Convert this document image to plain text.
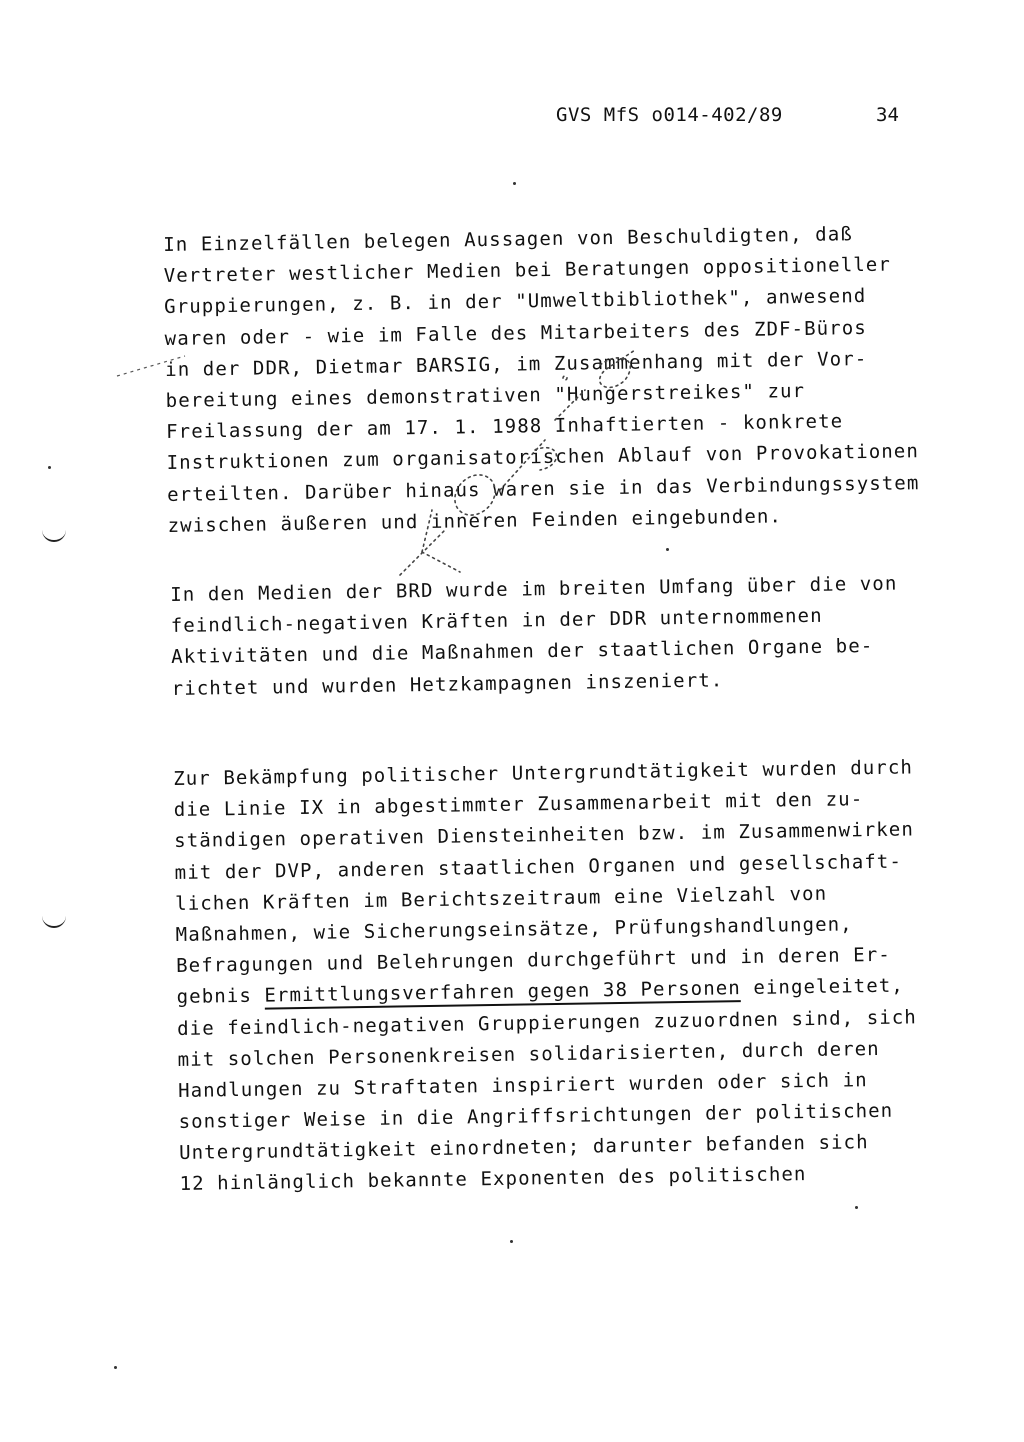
GVS MfS o014-402/89	34
In Einzelfällen belegen Aussagen von Beschuldigten, daß
Vertreter westlicher Medien bei Beratungen oppositioneller
Gruppierungen, z. B. in der "Umweltbibliothek", anwesend
waren oder - wie im Falle des Mitarbeiters des ZDF-Büros
in der DDR, Dietmar BARSIG, im Zusammenhang mit der Vor-
bereitung eines demonstrativen "Hungerstreikes" zur
Freilassung der am 17. 1. 1988 Inhaftierten - konkrete
Instruktionen zum organisatorischen Ablauf von Provokationen
erteilten. Darüber hinaus waren sie in das Verbindungssystem
zwischen äußeren und inneren Feinden eingebunden.
In den Medien der BRD wurde im breiten Umfang über die von
feindlich-negativen Kräften in der DDR unternommenen
Aktivitäten und die Maßnahmen der staatlichen Organe be-
richtet und wurden Hetzkampagnen inszeniert.
Zur Bekämpfung politischer Untergrundtätigkeit wurden durch
die Linie IX in abgestimmter Zusammenarbeit mit den zu-
ständigen operativen Diensteinheiten bzw. im Zusammenwirken
mit der DVP, anderen staatlichen Organen und gesellschaft-
lichen Kräften im Berichtszeitraum eine Vielzahl von
Maßnahmen, wie Sicherungseinsätze, Prüfungshandlungen,
Befragungen und Belehrungen durchgeführt und in deren Er-
gebnis Ermittlungsverfahren gegen 38 Personen eingeleitet,
die feindlich-negativen Gruppierungen zuzuordnen sind, sich
mit solchen Personenkreisen solidarisierten, durch deren
Handlungen zu Straftaten inspiriert wurden oder sich in
sonstiger Weise in die Angriffsrichtungen der politischen
Untergrundtätigkeit einordneten; darunter befanden sich
12 hinlänglich bekannte Exponenten des politischen
